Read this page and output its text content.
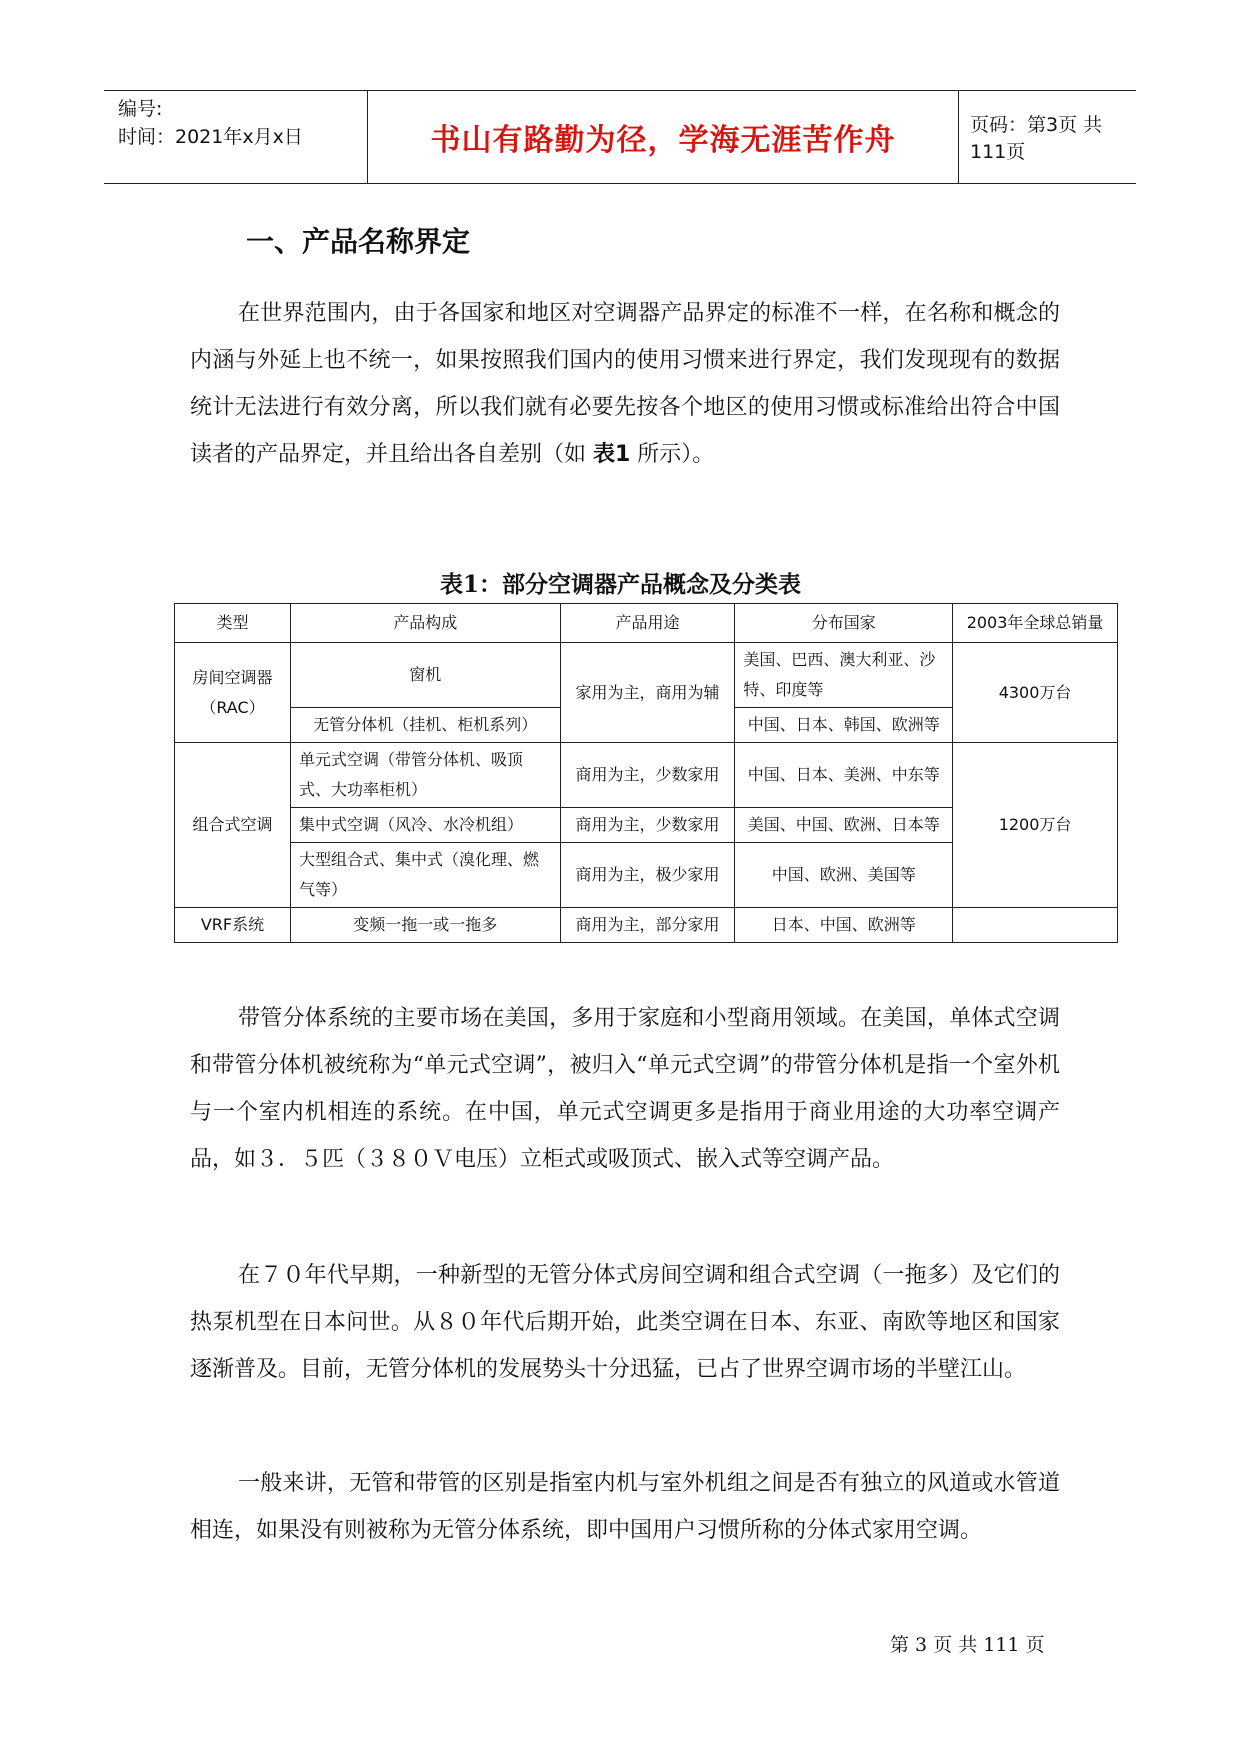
编号:
时间：2021年x月x日	书山有路勤为径，学海无涯苦作舟	页码：第3页 共111页
一、产品名称界定

在世界范围内，由于各国家和地区对空调器产品界定的标准不一样，在名称和概念的内涵与外延上也不统一，如果按照我们国内的使用习惯来进行界定，我们发现现有的数据统计无法进行有效分离，所以我们就有必要先按各个地区的使用习惯或标准给出符合中国读者的产品界定，并且给出各自差别（如 表1 所示）。

表1：部分空调器产品概念及分类表
类型	产品构成	产品用途	分布国家	2003年全球总销量
房间空调器（RAC）	窗机	家用为主，商用为辅	美国、巴西、澳大利亚、沙特、印度等	4300万台
	无管分体机（挂机、柜机系列）		中国、日本、韩国、欧洲等	
组合式空调	单元式空调（带管分体机、吸顶式、大功率柜机）	商用为主，少数家用	中国、日本、美洲、中东等	1200万台
	集中式空调（风冷、水冷机组）	商用为主，少数家用	美国、中国、欧洲、日本等	
	大型组合式、集中式（溴化理、燃气等）	商用为主，极少家用	中国、欧洲、美国等	
VRF系统	变频一拖一或一拖多	商用为主，部分家用	日本、中国、欧洲等	

带管分体系统的主要市场在美国，多用于家庭和小型商用领域。在美国，单体式空调和带管分体机被统称为“单元式空调”，被归入“单元式空调”的带管分体机是指一个室外机与一个室内机相连的系统。在中国，单元式空调更多是指用于商业用途的大功率空调产品，如３．５匹（３８０Ｖ电压）立柜式或吸顶式、嵌入式等空调产品。

在７０年代早期，一种新型的无管分体式房间空调和组合式空调（一拖多）及它们的热泵机型在日本问世。从８０年代后期开始，此类空调在日本、东亚、南欧等地区和国家逐渐普及。目前，无管分体机的发展势头十分迅猛，已占了世界空调市场的半壁江山。

一般来讲，无管和带管的区别是指室内机与室外机组之间是否有独立的风道或水管道相连，如果没有则被称为无管分体系统，即中国用户习惯所称的分体式家用空调。

第 3 页 共 111 页
